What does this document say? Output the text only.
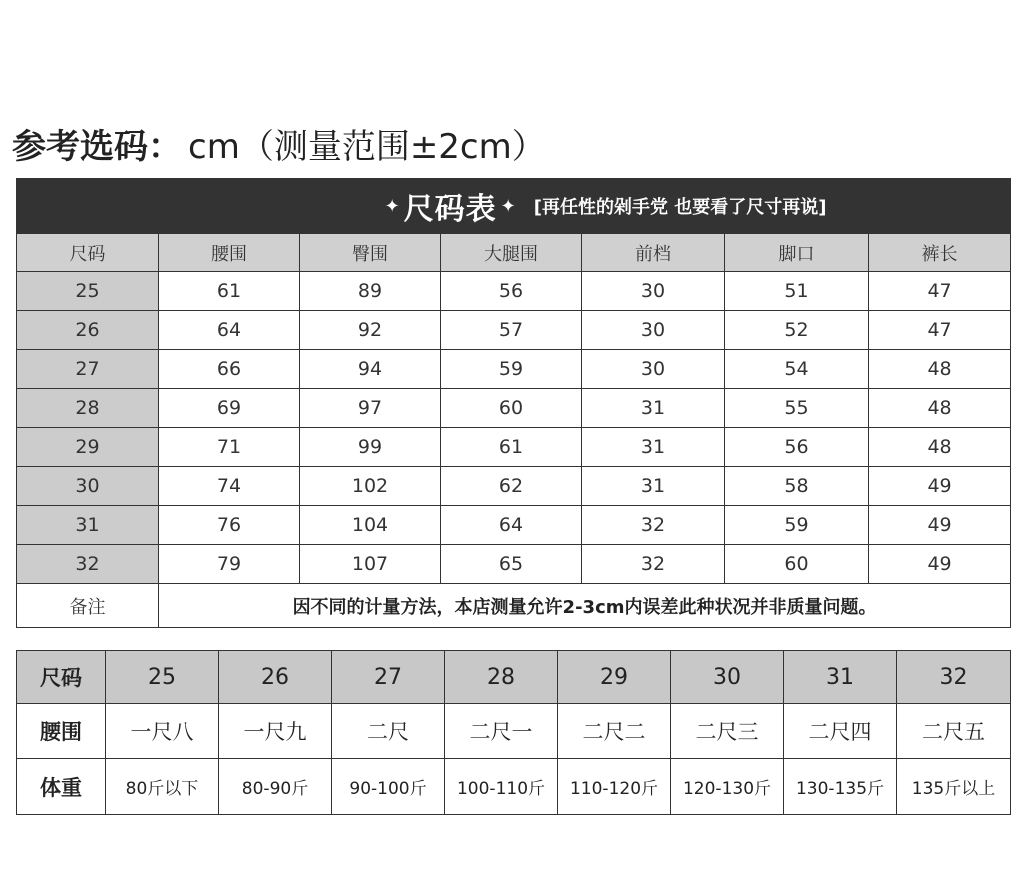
参考选码： cm（测量范围±2cm）
✦ 尺码表 ✦ [再任性的剁手党 也要看了尺寸再说]						

尺码	腰围	臀围	大腿围	前档	脚口	裤长
25	61	89	56	30	51	47
26	64	92	57	30	52	47
27	66	94	59	30	54	48
28	69	97	60	31	55	48
29	71	99	61	31	56	48
30	74	102	62	31	58	49
31	76	104	64	32	59	49
32	79	107	65	32	60	49
备注	因不同的计量方法，本店测量允许2-3cm内误差此种状况并非质量问题。					
尺码	25	26	27	28	29	30	31	32
腰围	一尺八	一尺九	二尺	二尺一	二尺二	二尺三	二尺四	二尺五
体重	80斤以下	80-90斤	90-100斤	100-110斤	110-120斤	120-130斤	130-135斤	135斤以上
